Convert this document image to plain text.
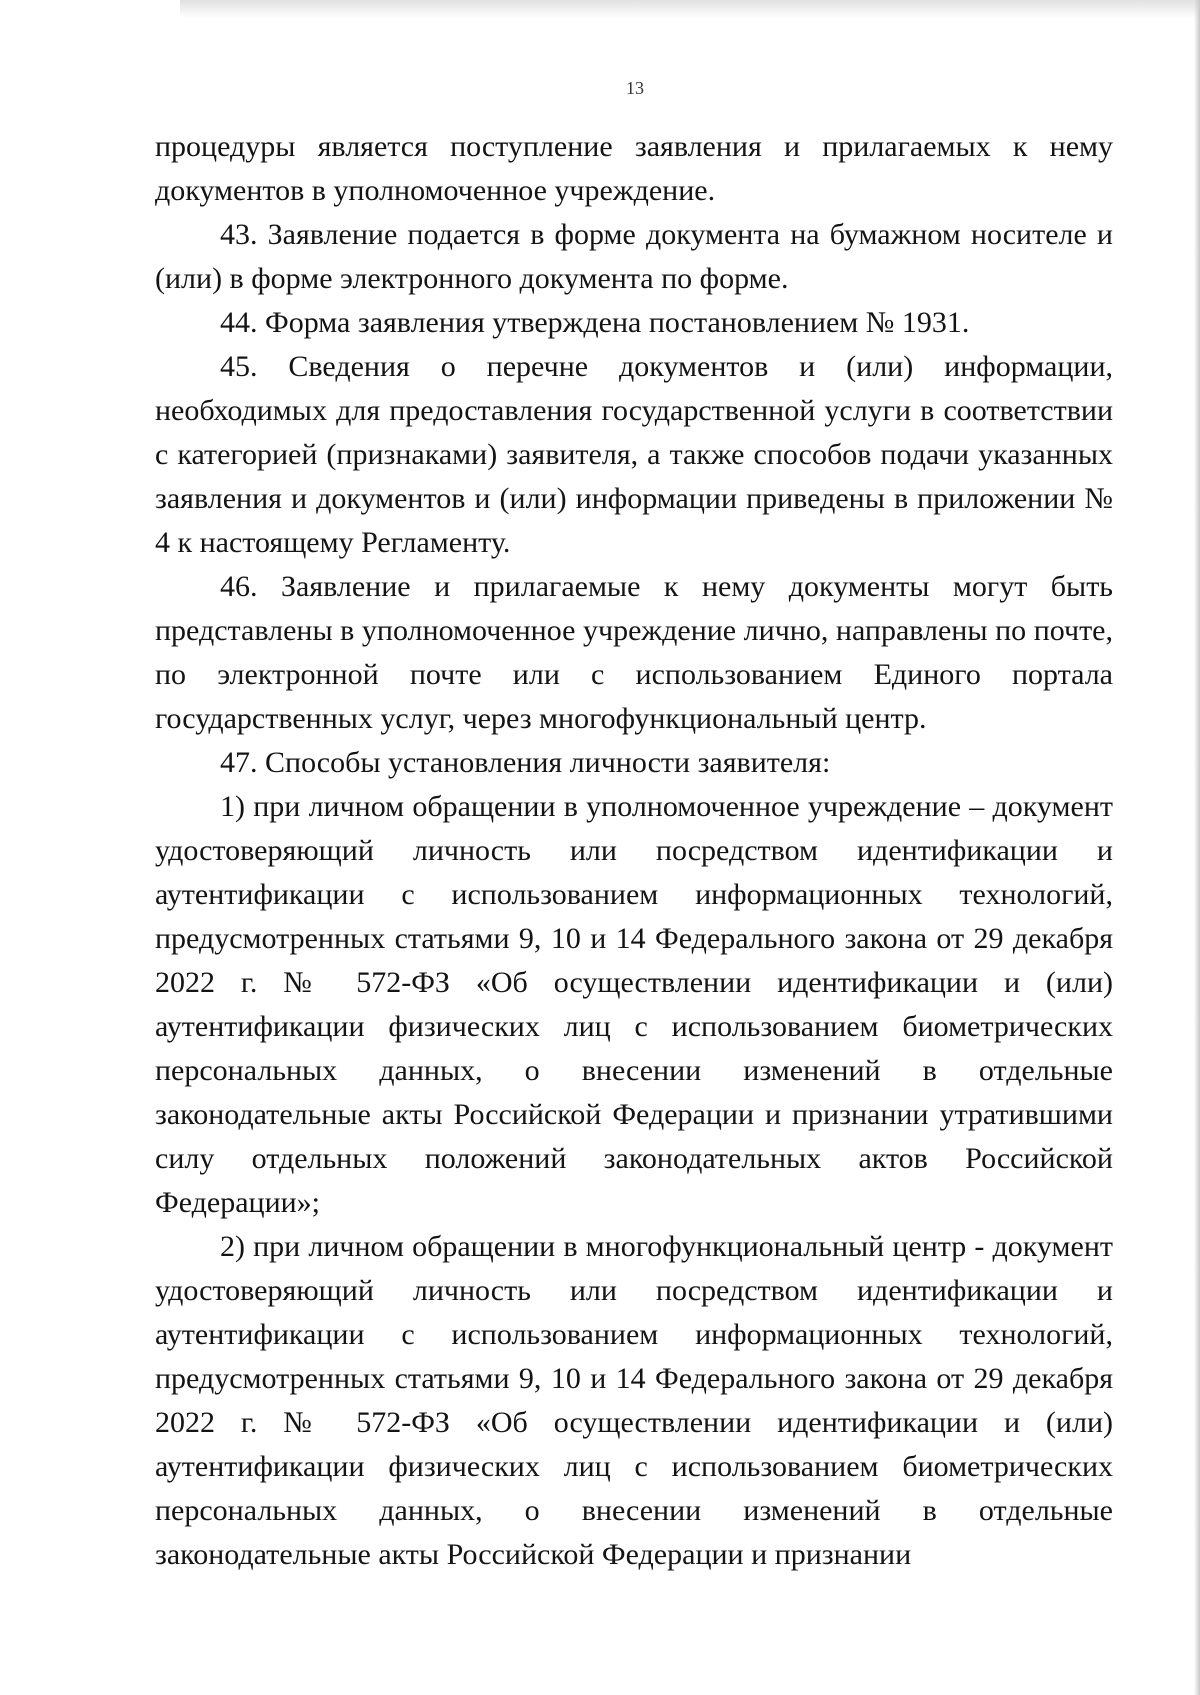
13

процедуры является поступление заявления и прилагаемых к нему документов в уполномоченное учреждение.

43. Заявление подается в форме документа на бумажном носителе и (или) в форме электронного документа по форме.

44. Форма заявления утверждена постановлением № 1931.

45. Сведения о перечне документов и (или) информации, необходимых для предоставления государственной услуги в соответствии с категорией (признаками) заявителя, а также способов подачи указанных заявления и документов и (или) информации приведены в приложении № 4 к настоящему Регламенту.

46. Заявление и прилагаемые к нему документы могут быть представлены в уполномоченное учреждение лично, направлены по почте, по электронной почте или с использованием Единого портала государственных услуг, через многофункциональный центр.

47. Способы установления личности заявителя:

1) при личном обращении в уполномоченное учреждение – документ удостоверяющий личность или посредством идентификации и аутентификации с использованием информационных технологий, предусмотренных статьями 9, 10 и 14 Федерального закона от 29 декабря 2022 г. № 572-ФЗ «Об осуществлении идентификации и (или) аутентификации физических лиц с использованием биометрических персональных данных, о внесении изменений в отдельные законодательные акты Российской Федерации и признании утратившими силу отдельных положений законодательных актов Российской Федерации»;

2) при личном обращении в многофункциональный центр - документ удостоверяющий личность или посредством идентификации и аутентификации с использованием информационных технологий, предусмотренных статьями 9, 10 и 14 Федерального закона от 29 декабря 2022 г. № 572-ФЗ «Об осуществлении идентификации и (или) аутентификации физических лиц с использованием биометрических персональных данных, о внесении изменений в отдельные законодательные акты Российской Федерации и признании
